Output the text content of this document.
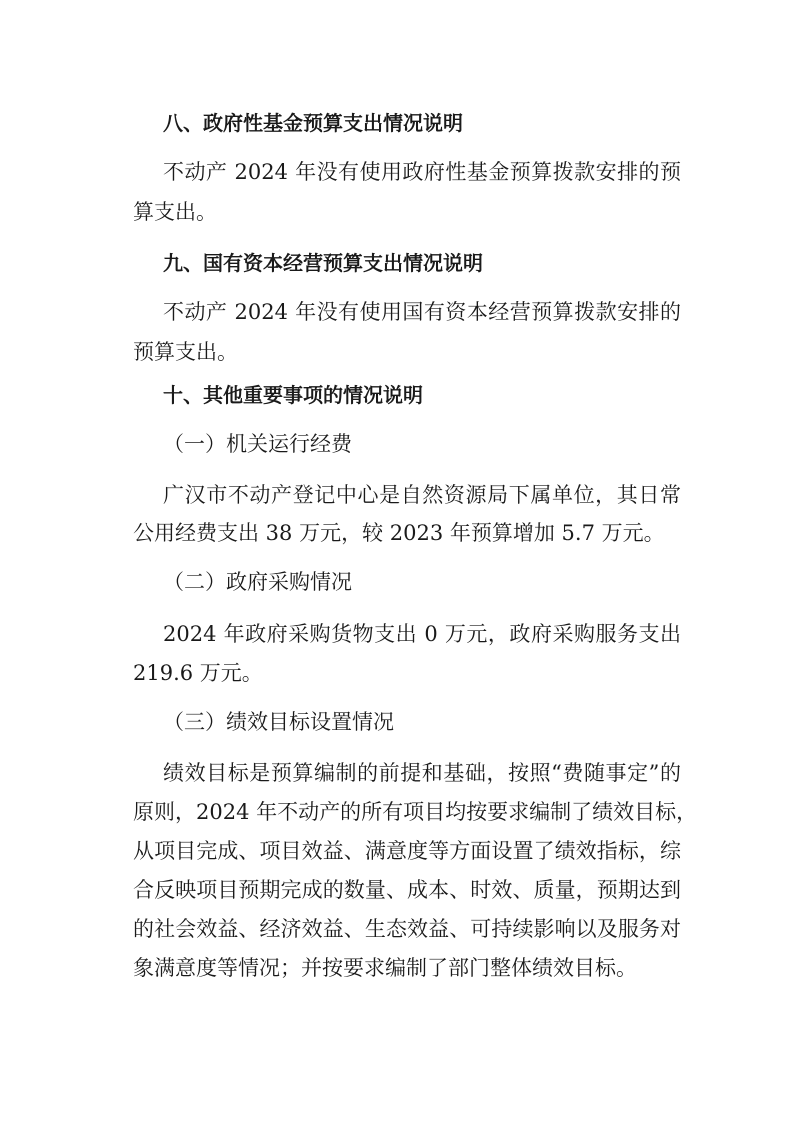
八、政府性基金预算支出情况说明
不动产 2024 年没有使用政府性基金预算拨款安排的预
算支出。
九、国有资本经营预算支出情况说明
不动产 2024 年没有使用国有资本经营预算拨款安排的
预算支出。
十、其他重要事项的情况说明
（一）机关运行经费
广汉市不动产登记中心是自然资源局下属单位，其日常
公用经费支出 38 万元，较 2023 年预算增加 5.7 万元。
（二）政府采购情况
2024 年政府采购货物支出 0 万元，政府采购服务支出
219.6 万元。
（三）绩效目标设置情况
绩效目标是预算编制的前提和基础，按照“费随事定”的
原则，2024 年不动产的所有项目均按要求编制了绩效目标，
从项目完成、项目效益、满意度等方面设置了绩效指标，综
合反映项目预期完成的数量、成本、时效、质量，预期达到
的社会效益、经济效益、生态效益、可持续影响以及服务对
象满意度等情况；并按要求编制了部门整体绩效目标。
